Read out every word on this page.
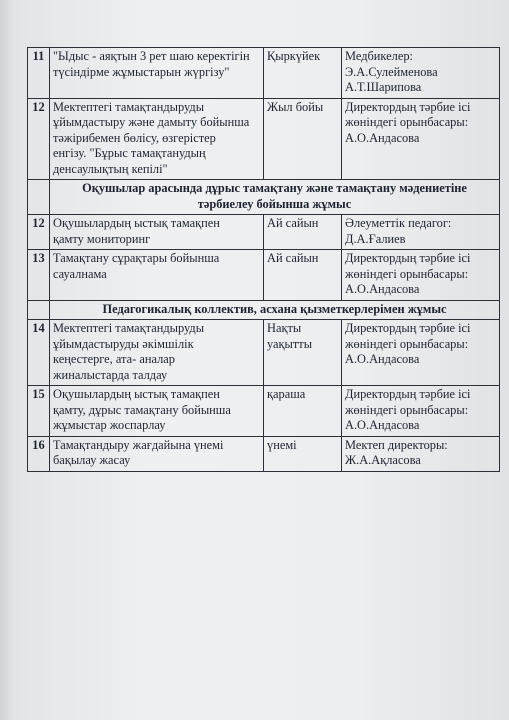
11	"Ыдыс - аяқтын 3 рет шаю керектігін
түсіндірме жұмыстарын жүргізу"	Қыркүйек	Медбикелер:
Э.А.Сулейменова
А.Т.Шарипова

12	Мектептегі тамақтандыруды
ұйымдастыру және дамыту бойынша
тәжірибемен бөлісу, өзгерістер
енгізу. "Бұрыс тамақтанудың
денсаулықтың кепілі"	Жыл бойы	Директордың тәрбие ісі
жөніндегі орынбасары:
А.О.Андасова

	Оқушылар арасында дұрыс тамақтану және тамақтану мәдениетіне
тәрбиелеу бойынша жұмыс		

12	Оқушылардың ыстық тамақпен
қамту мониторинг	Ай сайын	Әлеуметтік педагог:
Д.А.Ғалиев

13	Тамақтану сұрақтары бойынша
сауалнама	Ай сайын	Директордың тәрбие ісі
жөніндегі орынбасары:
А.О.Андасова

	Педагогикалық коллектив, асхана қызметкерлерімен жұмыс		

14	Мектептегі тамақтандыруды
ұйымдастыруды әкімшілік
кеңестерге, ата- аналар
жиналыстарда талдау	Нақты
уақытты	Директордың тәрбие ісі
жөніндегі орынбасары:
А.О.Андасова

15	Оқушылардың ыстық тамақпен
қамту, дұрыс тамақтану бойынша
жұмыстар жоспарлау	қараша	Директордың тәрбие ісі
жөніндегі орынбасары:
А.О.Андасова

16	Тамақтандыру жағдайына үнемі
бақылау жасау	үнемі	Мектеп директоры:
Ж.А.Ақласова
